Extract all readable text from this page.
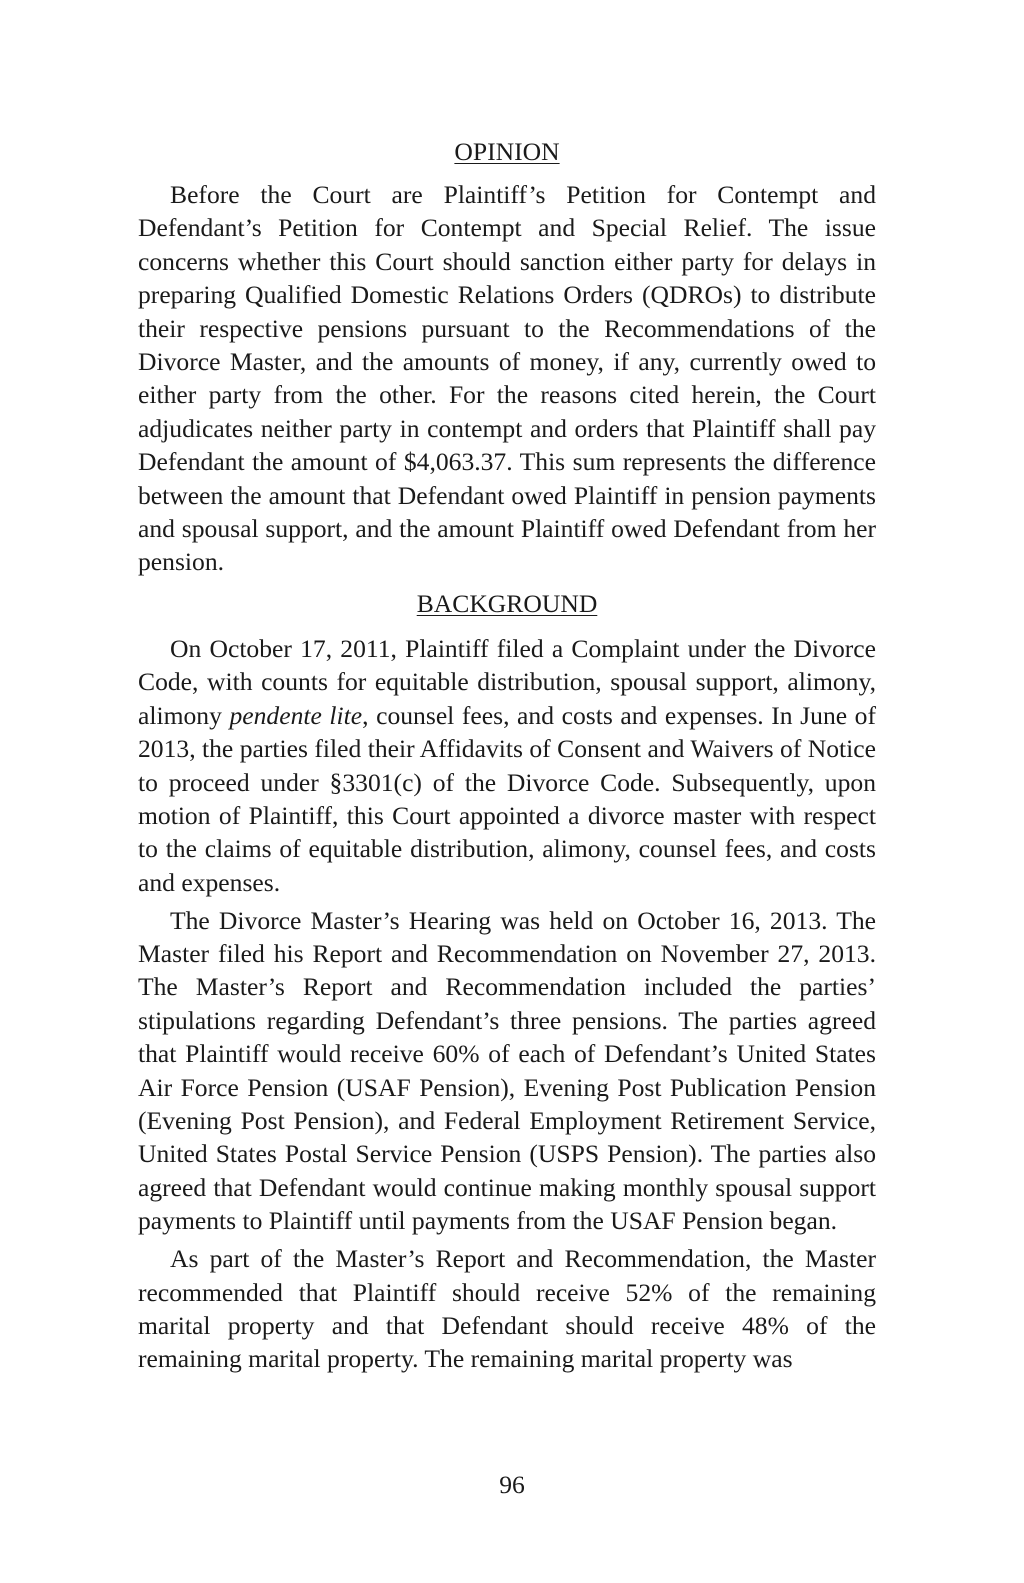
OPINION

Before the Court are Plaintiff’s Petition for Contempt and Defendant’s Petition for Contempt and Special Relief. The issue concerns whether this Court should sanction either party for delays in preparing Qualified Domestic Relations Orders (QDROs) to distribute their respective pensions pursuant to the Recommendations of the Divorce Master, and the amounts of money, if any, currently owed to either party from the other. For the reasons cited herein, the Court adjudicates neither party in contempt and orders that Plaintiff shall pay Defendant the amount of $4,063.37. This sum represents the difference between the amount that Defendant owed Plaintiff in pension payments and spousal support, and the amount Plaintiff owed Defendant from her pension.

BACKGROUND

On October 17, 2011, Plaintiff filed a Complaint under the Divorce Code, with counts for equitable distribution, spousal support, alimony, alimony pendente lite, counsel fees, and costs and expenses. In June of 2013, the parties filed their Affidavits of Consent and Waivers of Notice to proceed under §3301(c) of the Divorce Code. Subsequently, upon motion of Plaintiff, this Court appointed a divorce master with respect to the claims of equitable distribution, alimony, counsel fees, and costs and expenses.

The Divorce Master’s Hearing was held on October 16, 2013. The Master filed his Report and Recommendation on November 27, 2013. The Master’s Report and Recommendation included the parties’ stipulations regarding Defendant’s three pensions. The parties agreed that Plaintiff would receive 60% of each of Defendant’s United States Air Force Pension (USAF Pension), Evening Post Publication Pension (Evening Post Pension), and Federal Employment Retirement Service, United States Postal Service Pension (USPS Pension). The parties also agreed that Defendant would continue making monthly spousal support payments to Plaintiff until payments from the USAF Pension began.

As part of the Master’s Report and Recommendation, the Master recommended that Plaintiff should receive 52% of the remaining marital property and that Defendant should receive 48% of the remaining marital property. The remaining marital property was

96
